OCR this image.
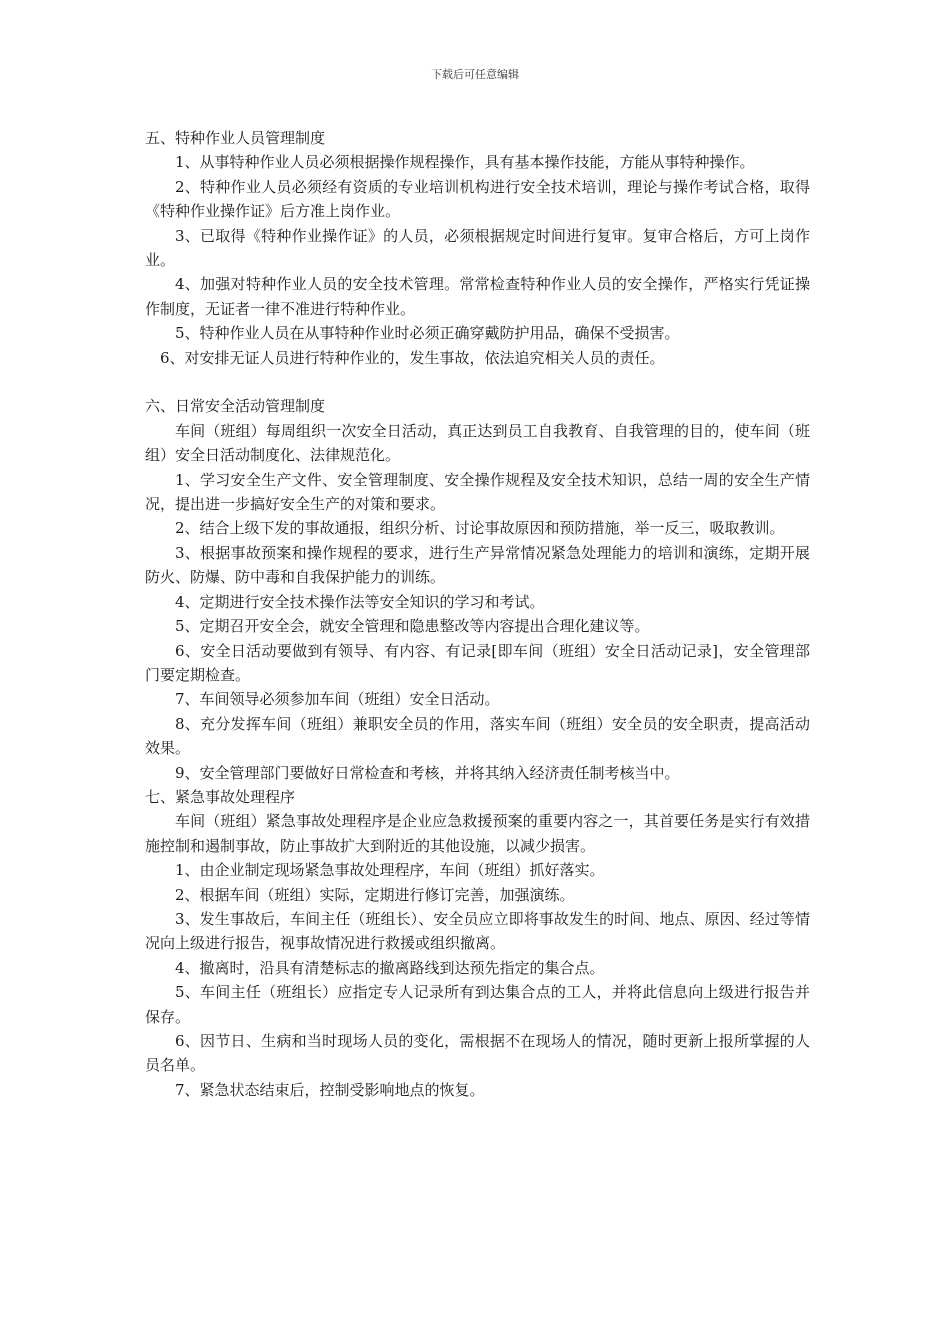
下载后可任意编辑

五、特种作业人员管理制度

1、从事特种作业人员必须根据操作规程操作，具有基本操作技能，方能从事特种操作。

2、特种作业人员必须经有资质的专业培训机构进行安全技术培训，理论与操作考试合格，取得《特种作业操作证》后方准上岗作业。

3、已取得《特种作业操作证》的人员，必须根据规定时间进行复审。复审合格后，方可上岗作业。

4、加强对特种作业人员的安全技术管理。常常检查特种作业人员的安全操作，严格实行凭证操作制度，无证者一律不准进行特种作业。

5、特种作业人员在从事特种作业时必须正确穿戴防护用品，确保不受损害。

6、对安排无证人员进行特种作业的，发生事故，依法追究相关人员的责任。

六、日常安全活动管理制度

车间（班组）每周组织一次安全日活动，真正达到员工自我教育、自我管理的目的，使车间（班组）安全日活动制度化、法律规范化。

1、学习安全生产文件、安全管理制度、安全操作规程及安全技术知识，总结一周的安全生产情况，提出进一步搞好安全生产的对策和要求。

2、结合上级下发的事故通报，组织分析、讨论事故原因和预防措施，举一反三，吸取教训。

3、根据事故预案和操作规程的要求，进行生产异常情况紧急处理能力的培训和演练，定期开展防火、防爆、防中毒和自我保护能力的训练。

4、定期进行安全技术操作法等安全知识的学习和考试。

5、定期召开安全会，就安全管理和隐患整改等内容提出合理化建议等。

6、安全日活动要做到有领导、有内容、有记录[即车间（班组）安全日活动记录]，安全管理部门要定期检查。

7、车间领导必须参加车间（班组）安全日活动。

8、充分发挥车间（班组）兼职安全员的作用，落实车间（班组）安全员的安全职责，提高活动效果。

9、安全管理部门要做好日常检查和考核，并将其纳入经济责任制考核当中。

七、紧急事故处理程序

车间（班组）紧急事故处理程序是企业应急救援预案的重要内容之一，其首要任务是实行有效措施控制和遏制事故，防止事故扩大到附近的其他设施，以减少损害。

1、由企业制定现场紧急事故处理程序，车间（班组）抓好落实。

2、根据车间（班组）实际，定期进行修订完善，加强演练。

3、发生事故后，车间主任（班组长）、安全员应立即将事故发生的时间、地点、原因、经过等情况向上级进行报告，视事故情况进行救援或组织撤离。

4、撤离时，沿具有清楚标志的撤离路线到达预先指定的集合点。

5、车间主任（班组长）应指定专人记录所有到达集合点的工人，并将此信息向上级进行报告并保存。

6、因节日、生病和当时现场人员的变化，需根据不在现场人的情况，随时更新上报所掌握的人员名单。

7、紧急状态结束后，控制受影响地点的恢复。
